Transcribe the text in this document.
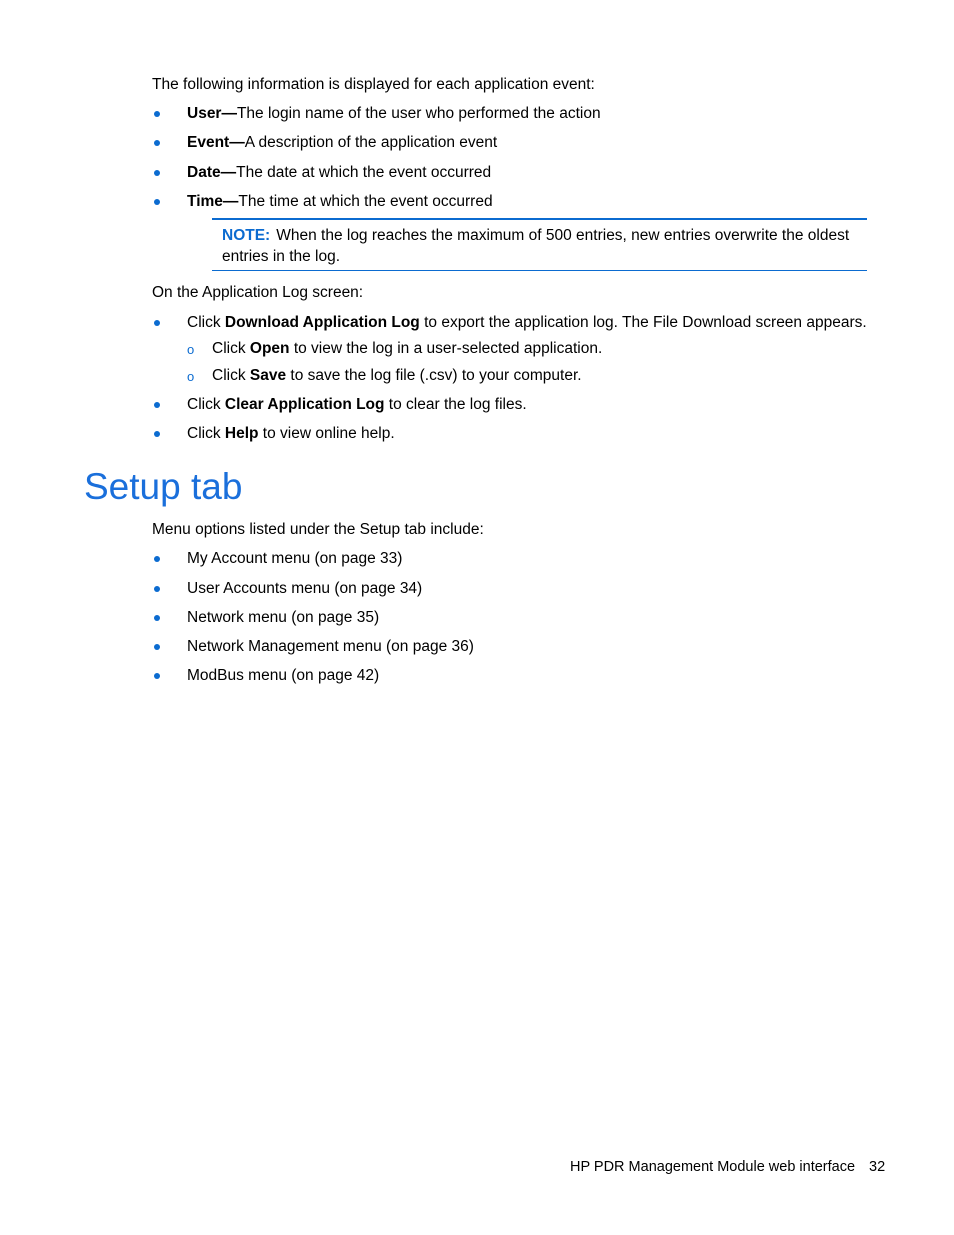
The following information is displayed for each application event:
User—The login name of the user who performed the action
Event—A description of the application event
Date—The date at which the event occurred
Time—The time at which the event occurred
NOTE: When the log reaches the maximum of 500 entries, new entries overwrite the oldest entries in the log.
On the Application Log screen:
Click Download Application Log to export the application log. The File Download screen appears.
o Click Open to view the log in a user-selected application.
o Click Save to save the log file (.csv) to your computer.
Click Clear Application Log to clear the log files.
Click Help to view online help.
Setup tab
Menu options listed under the Setup tab include:
My Account menu (on page 33)
User Accounts menu (on page 34)
Network menu (on page 35)
Network Management menu (on page 36)
ModBus menu (on page 42)
HP PDR Management Module web interface 32
